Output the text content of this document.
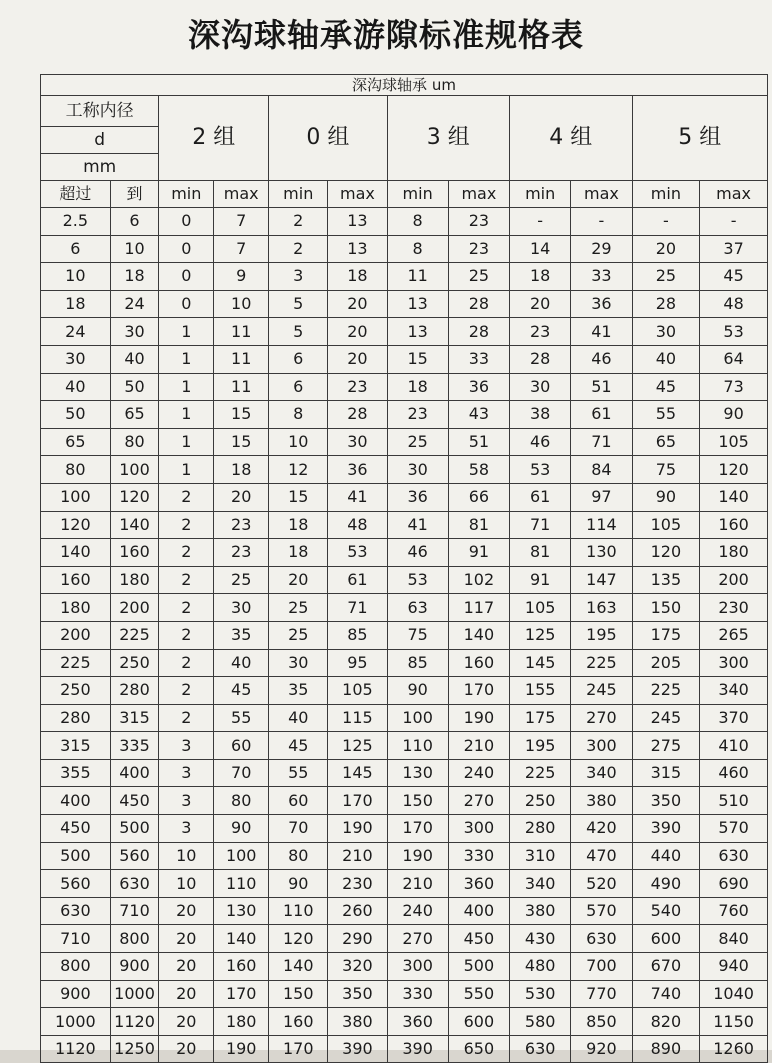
深沟球轴承游隙标准规格表
深沟球轴承 um											

工称内径		2 组		0 组		3 组		4 组		5 组	
d											
mm											
超过	到	min	max	min	max	min	max	min	max	min	max
2.5	6	0	7	2	13	8	23	-	-	-	-
6	10	0	7	2	13	8	23	14	29	20	37
10	18	0	9	3	18	11	25	18	33	25	45
18	24	0	10	5	20	13	28	20	36	28	48
24	30	1	11	5	20	13	28	23	41	30	53
30	40	1	11	6	20	15	33	28	46	40	64
40	50	1	11	6	23	18	36	30	51	45	73
50	65	1	15	8	28	23	43	38	61	55	90
65	80	1	15	10	30	25	51	46	71	65	105
80	100	1	18	12	36	30	58	53	84	75	120
100	120	2	20	15	41	36	66	61	97	90	140
120	140	2	23	18	48	41	81	71	114	105	160
140	160	2	23	18	53	46	91	81	130	120	180
160	180	2	25	20	61	53	102	91	147	135	200
180	200	2	30	25	71	63	117	105	163	150	230
200	225	2	35	25	85	75	140	125	195	175	265
225	250	2	40	30	95	85	160	145	225	205	300
250	280	2	45	35	105	90	170	155	245	225	340
280	315	2	55	40	115	100	190	175	270	245	370
315	335	3	60	45	125	110	210	195	300	275	410
355	400	3	70	55	145	130	240	225	340	315	460
400	450	3	80	60	170	150	270	250	380	350	510
450	500	3	90	70	190	170	300	280	420	390	570
500	560	10	100	80	210	190	330	310	470	440	630
560	630	10	110	90	230	210	360	340	520	490	690
630	710	20	130	110	260	240	400	380	570	540	760
710	800	20	140	120	290	270	450	430	630	600	840
800	900	20	160	140	320	300	500	480	700	670	940
900	1000	20	170	150	350	330	550	530	770	740	1040
1000	1120	20	180	160	380	360	600	580	850	820	1150
1120	1250	20	190	170	390	390	650	630	920	890	1260
